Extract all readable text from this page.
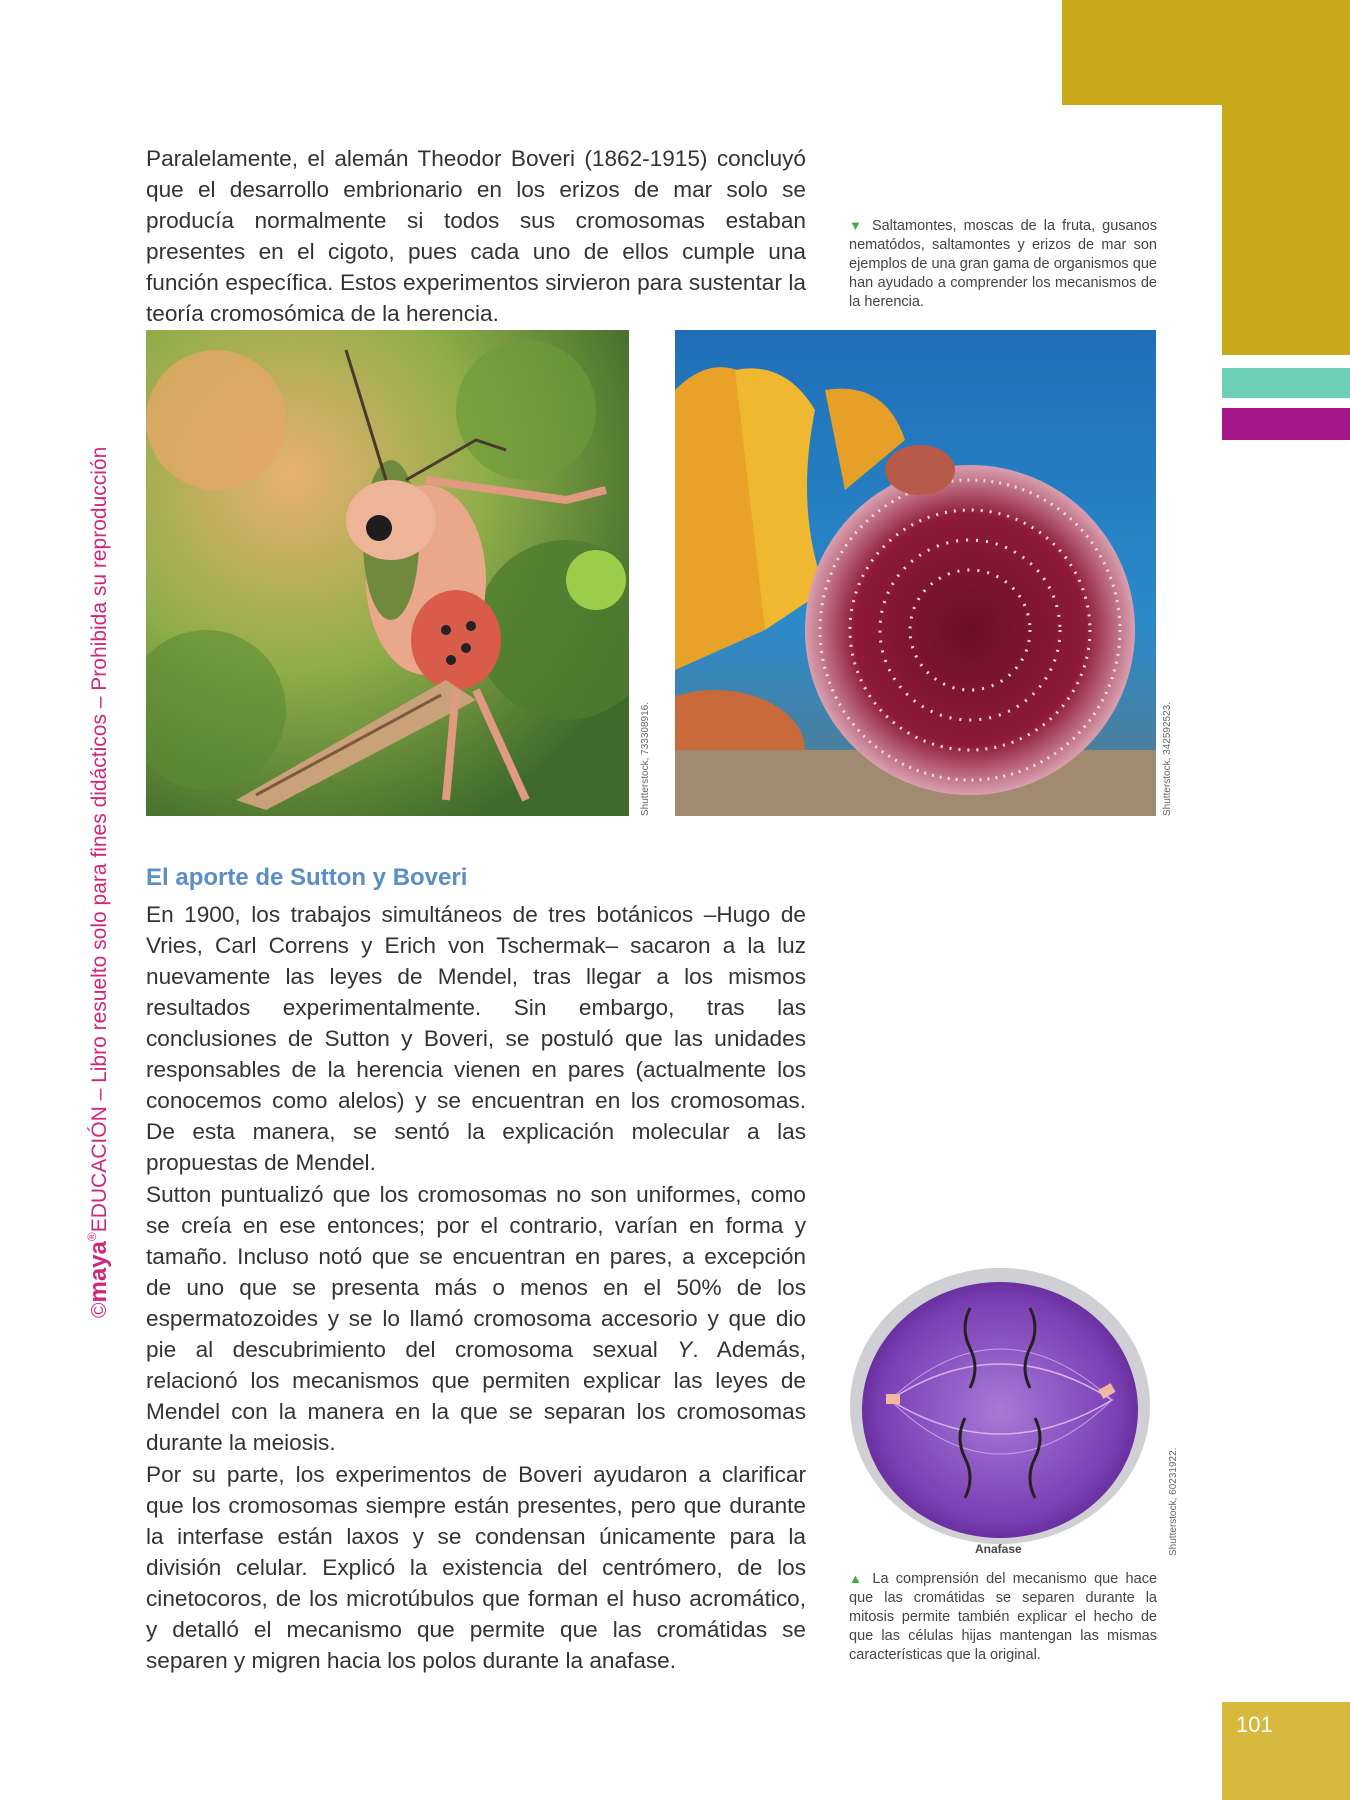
101
©maya®EDUCACIÓN – Libro resuelto solo para fines didácticos – Prohibida su reproducción

Paralelamente, el alemán Theodor Boveri (1862-1915) concluyó que el desarrollo embrionario en los erizos de mar solo se producía normalmente si todos sus cromosomas estaban presentes en el cigoto, pues cada uno de ellos cumple una función específica. Estos experimentos sirvieron para sustentar la teoría cromosómica de la herencia.

▼ Saltamontes, moscas de la fruta, gusanos nematódos, saltamontes y erizos de mar son ejemplos de una gran gama de organismos que han ayudado a comprender los mecanismos de la herencia.

Shutterstock, 733308916.	Shutterstock, 342592523.
El aporte de Sutton y Boveri

En 1900, los trabajos simultáneos de tres botánicos –Hugo de Vries, Carl Correns y Erich von Tschermak– sacaron a la luz nuevamente las leyes de Mendel, tras llegar a los mismos resultados experimentalmente. Sin embargo, tras las conclusiones de Sutton y Boveri, se postuló que las unidades responsables de la herencia vienen en pares (actualmente los conocemos como alelos) y se encuentran en los cromosomas. De esta manera, se sentó la explicación molecular a las propuestas de Mendel.

Sutton puntualizó que los cromosomas no son uniformes, como se creía en ese entonces; por el contrario, varían en forma y tamaño. Incluso notó que se encuentran en pares, a excepción de uno que se presenta más o menos en el 50% de los espermatozoides y se lo llamó cromosoma accesorio y que dio pie al descubrimiento del cromosoma sexual Y. Además, relacionó los mecanismos que permiten explicar las leyes de Mendel con la manera en la que se separan los cromosomas durante la meiosis.

Por su parte, los experimentos de Boveri ayudaron a clarificar que los cromosomas siempre están presentes, pero que durante la interfase están laxos y se condensan únicamente para la división celular. Explicó la existencia del centrómero, de los cinetocoros, de los microtúbulos que forman el huso acromático, y detalló el mecanismo que permite que las cromátidas se separen y migren hacia los polos durante la anafase.

Anafase	Shutterstock, 60231922.

▲ La comprensión del mecanismo que hace que las cromátidas se separen durante la mitosis permite también explicar el hecho de que las células hijas mantengan las mismas características que la original.
